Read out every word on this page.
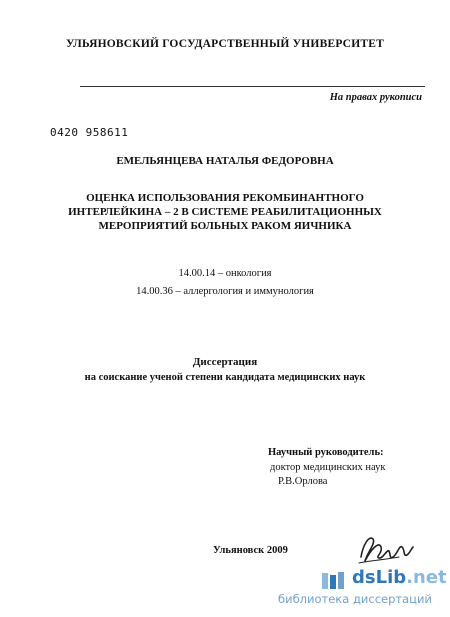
УЛЬЯНОВСКИЙ ГОСУДАРСТВЕННЫЙ УНИВЕРСИТЕТ
На правах рукописи
0420 958611
ЕМЕЛЬЯНЦЕВА НАТАЛЬЯ ФЕДОРОВНА
ОЦЕНКА ИСПОЛЬЗОВАНИЯ РЕКОМБИНАНТНОГО
ИНТЕРЛЕЙКИНА – 2 В СИСТЕМЕ РЕАБИЛИТАЦИОННЫХ
МЕРОПРИЯТИЙ БОЛЬНЫХ РАКОМ ЯИЧНИКА
14.00.14 – онкология
14.00.36 – аллергология и иммунология
Диссертация
на соискание ученой степени кандидата медицинских наук
Научный руководитель:
доктор медицинских наук
Р.В.Орлова
Ульяновск 2009
dsLib.net
библиотека диссертаций
